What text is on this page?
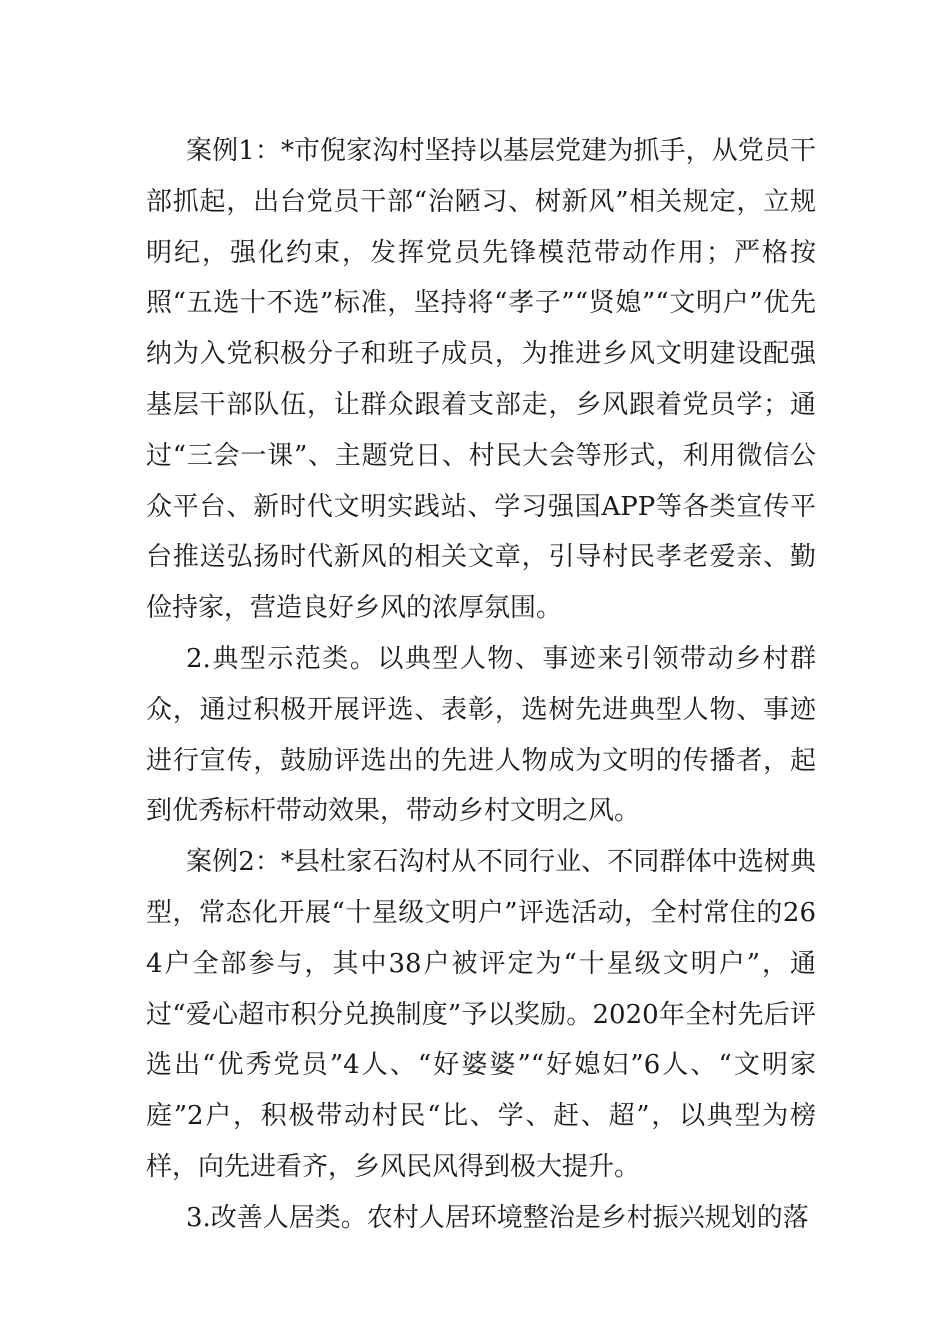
案例1：*市倪家沟村坚持以基层党建为抓手，从党员干部抓起，出台党员干部“治陋习、树新风”相关规定，立规明纪，强化约束，发挥党员先锋模范带动作用；严格按照“五选十不选”标准，坚持将“孝子”“贤媳”“文明户”优先纳为入党积极分子和班子成员，为推进乡风文明建设配强基层干部队伍，让群众跟着支部走，乡风跟着党员学；通过“三会一课”、主题党日、村民大会等形式，利用微信公众平台、新时代文明实践站、学习强国APP等各类宣传平台推送弘扬时代新风的相关文章，引导村民孝老爱亲、勤俭持家，营造良好乡风的浓厚氛围。

2.典型示范类。以典型人物、事迹来引领带动乡村群众，通过积极开展评选、表彰，选树先进典型人物、事迹进行宣传，鼓励评选出的先进人物成为文明的传播者，起到优秀标杆带动效果，带动乡村文明之风。

案例2：*县杜家石沟村从不同行业、不同群体中选树典型，常态化开展“十星级文明户”评选活动，全村常住的264户全部参与，其中38户被评定为“十星级文明户”，通过“爱心超市积分兑换制度”予以奖励。2020年全村先后评选出“优秀党员”4人、“好婆婆”“好媳妇”6人、“文明家庭”2户，积极带动村民“比、学、赶、超”，以典型为榜样，向先进看齐，乡风民风得到极大提升。

3.改善人居类。农村人居环境整治是乡村振兴规划的落
